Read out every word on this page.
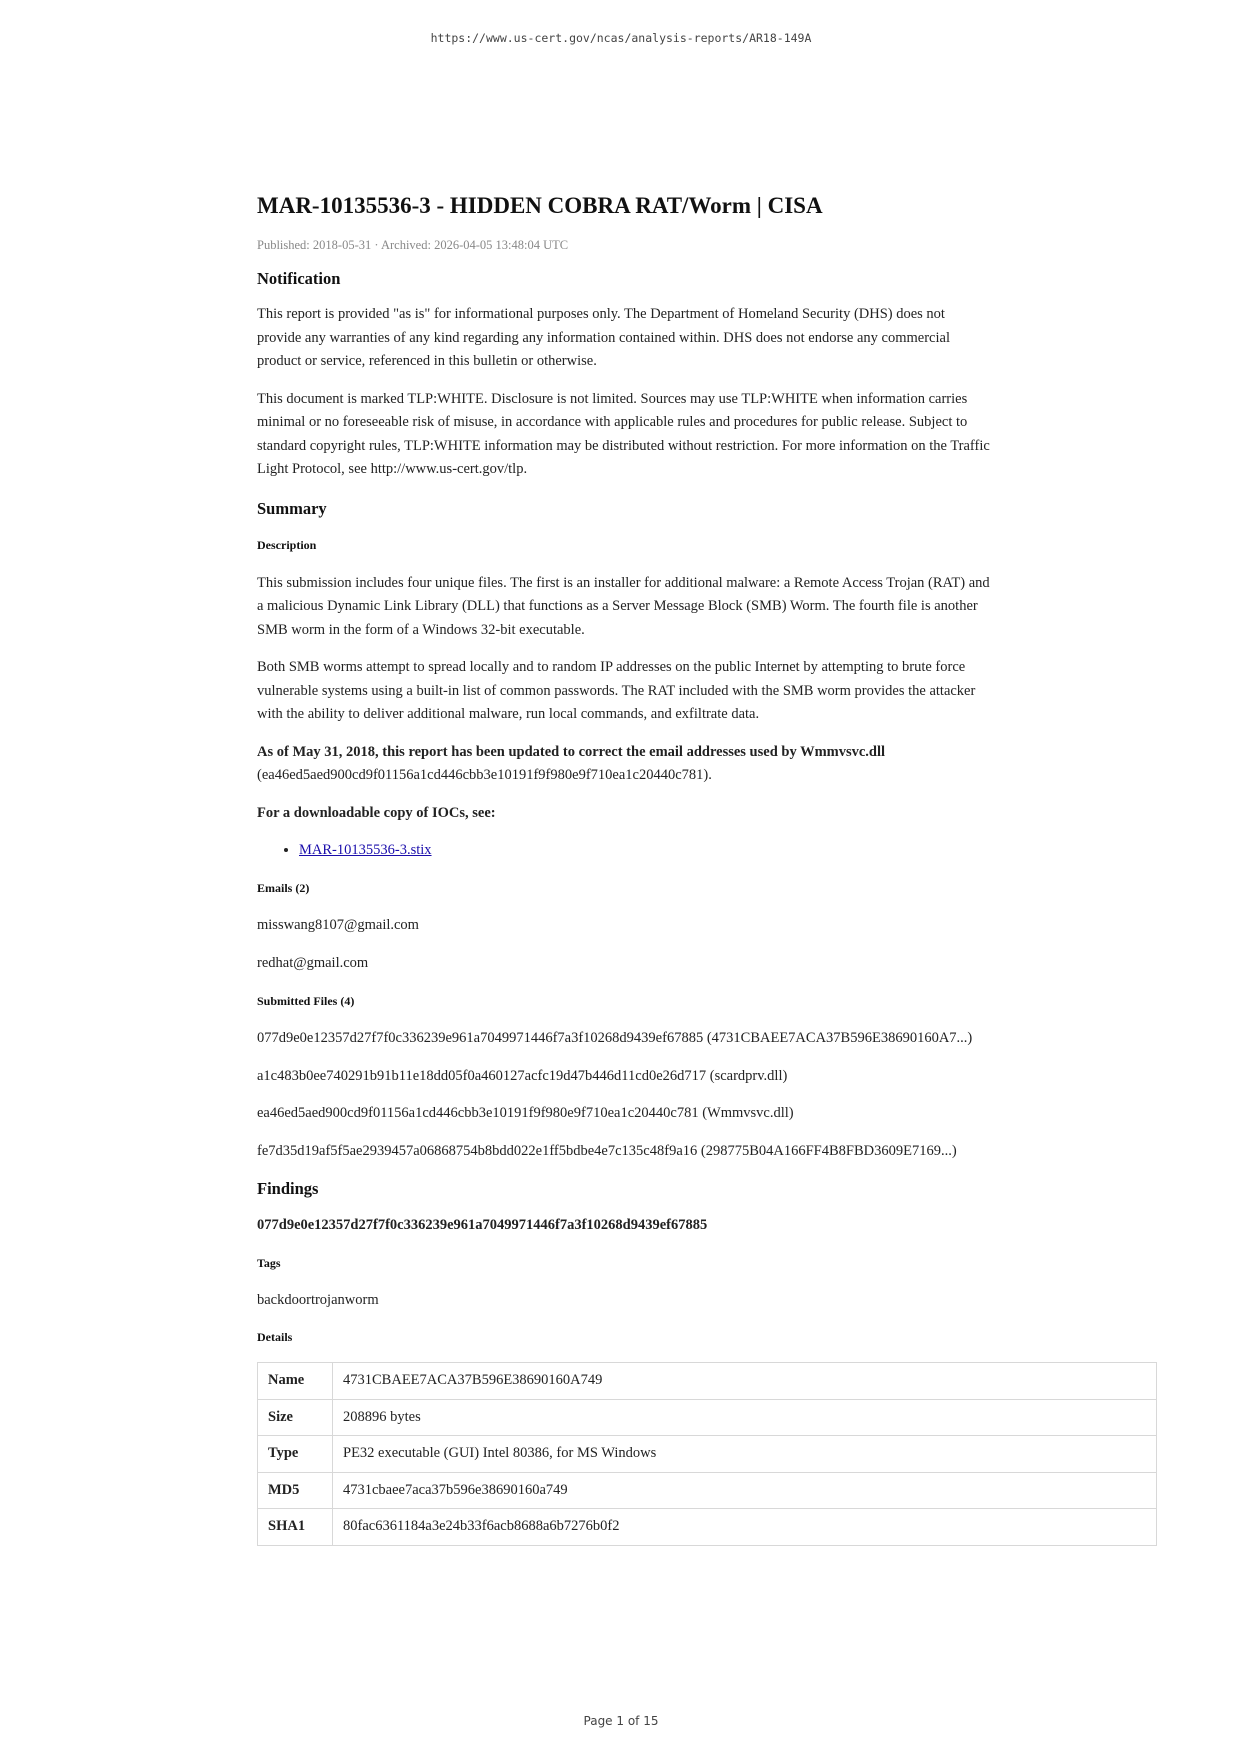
https://www.us-cert.gov/ncas/analysis-reports/AR18-149A
MAR-10135536-3 - HIDDEN COBRA RAT/Worm | CISA
Published: 2018-05-31 · Archived: 2026-04-05 13:48:04 UTC
Notification

This report is provided "as is" for informational purposes only. The Department of Homeland Security (DHS) does not provide any warranties of any kind regarding any information contained within. DHS does not endorse any commercial product or service, referenced in this bulletin or otherwise.

This document is marked TLP:WHITE. Disclosure is not limited. Sources may use TLP:WHITE when information carries minimal or no foreseeable risk of misuse, in accordance with applicable rules and procedures for public release. Subject to standard copyright rules, TLP:WHITE information may be distributed without restriction. For more information on the Traffic Light Protocol, see http://www.us-cert.gov/tlp.

Summary
Description

This submission includes four unique files. The first is an installer for additional malware: a Remote Access Trojan (RAT) and a malicious Dynamic Link Library (DLL) that functions as a Server Message Block (SMB) Worm. The fourth file is another SMB worm in the form of a Windows 32-bit executable.

Both SMB worms attempt to spread locally and to random IP addresses on the public Internet by attempting to brute force vulnerable systems using a built-in list of common passwords. The RAT included with the SMB worm provides the attacker with the ability to deliver additional malware, run local commands, and exfiltrate data.

As of May 31, 2018, this report has been updated to correct the email addresses used by Wmmvsvc.dll
(ea46ed5aed900cd9f01156a1cd446cbb3e10191f9f980e9f710ea1c20440c781).

For a downloadable copy of IOCs, see:

• MAR-10135536-3.stix
Emails (2)

misswang8107@gmail.com

redhat@gmail.com

Submitted Files (4)

077d9e0e12357d27f7f0c336239e961a7049971446f7a3f10268d9439ef67885 (4731CBAEE7ACA37B596E38690160A7...)

a1c483b0ee740291b91b11e18dd05f0a460127acfc19d47b446d11cd0e26d717 (scardprv.dll)

ea46ed5aed900cd9f01156a1cd446cbb3e10191f9f980e9f710ea1c20440c781 (Wmmvsvc.dll)

fe7d35d19af5f5ae2939457a06868754b8bdd022e1ff5bdbe4e7c135c48f9a16 (298775B04A166FF4B8FBD3609E7169...)

Findings

077d9e0e12357d27f7f0c336239e961a7049971446f7a3f10268d9439ef67885

Tags

backdoortrojanworm

Details
Name	4731CBAEE7ACA37B596E38690160A749
Size	208896 bytes
Type	PE32 executable (GUI) Intel 80386, for MS Windows
MD5	4731cbaee7aca37b596e38690160a749
SHA1	80fac6361184a3e24b33f6acb8688a6b7276b0f2
Page 1 of 15
